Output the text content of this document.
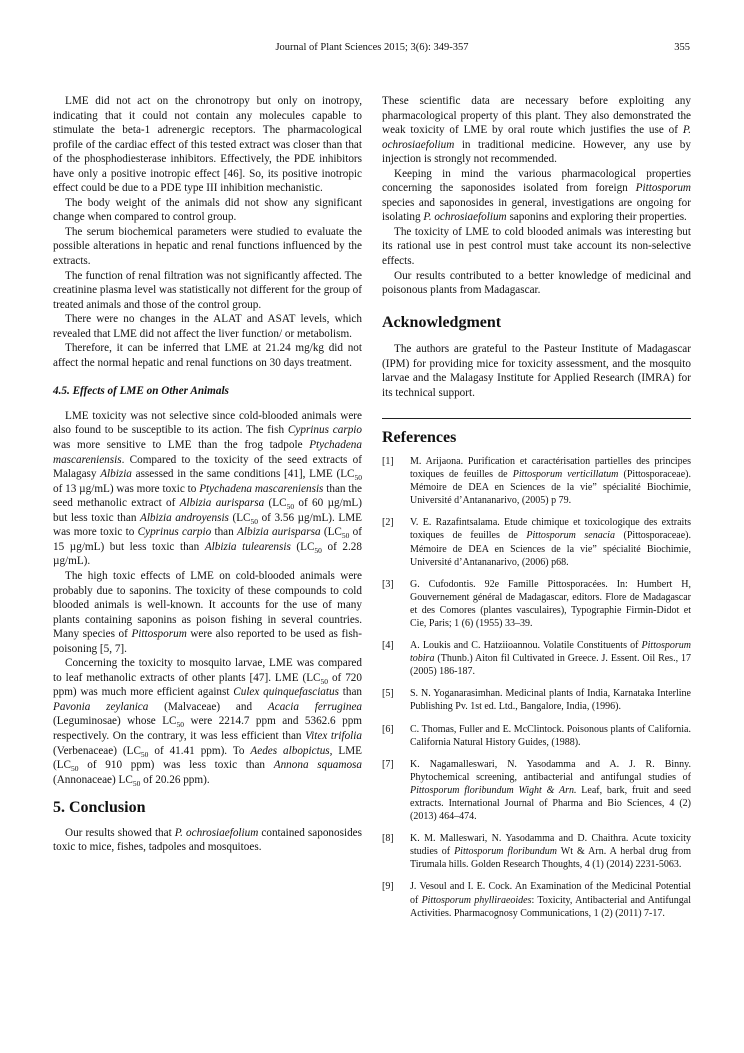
Journal of Plant Sciences 2015; 3(6): 349-357	355

LME did not act on the chronotropy but only on inotropy, indicating that it could not contain any molecules capable to stimulate the beta-1 adrenergic receptors. The pharmacological profile of the cardiac effect of this tested extract was closer than that of the phosphodiesterase inhibitors. Effectively, the PDE inhibitors have only a positive inotropic effect [46]. So, its positive inotropic effect could be due to a PDE type III inhibition mechanistic.

The body weight of the animals did not show any significant change when compared to control group.

The serum biochemical parameters were studied to evaluate the possible alterations in hepatic and renal functions influenced by the extracts.

The function of renal filtration was not significantly affected. The creatinine plasma level was statistically not different for the group of treated animals and those of the control group.

There were no changes in the ALAT and ASAT levels, which revealed that LME did not affect the liver function/ or metabolism.

Therefore, it can be inferred that LME at 21.24 mg/kg did not affect the normal hepatic and renal functions on 30 days treatment.

4.5. Effects of LME on Other Animals

LME toxicity was not selective since cold-blooded animals were also found to be susceptible to its action. The fish Cyprinus carpio was more sensitive to LME than the frog tadpole Ptychadena mascareniensis. Compared to the toxicity of the seed extracts of Malagasy Albizia assessed in the same conditions [41], LME ($LC_{50}$ of 13 µg/mL) was more toxic to Ptychadena mascareniensis than the seed methanolic extract of Albizia aurisparsa ($LC_{50}$ of 60 µg/mL) but less toxic than Albizia androyensis ($LC_{50}$ of 3.56 µg/mL). LME was more toxic to Cyprinus carpio than Albizia aurisparsa ($LC_{50}$ of 15 µg/mL) but less toxic than Albizia tulearensis ($LC_{50}$ of 2.28 µg/mL).

The high toxic effects of LME on cold-blooded animals were probably due to saponins. The toxicity of these compounds to cold blooded animals is well-known. It accounts for the use of many plants containing saponins as poison fishing in several countries. Many species of Pittosporum were also reported to be used as fish-poisoning [5, 7].

Concerning the toxicity to mosquito larvae, LME was compared to leaf methanolic extracts of other plants [47]. LME ($LC_{50}$ of 720 ppm) was much more efficient against Culex quinquefasciatus than Pavonia zeylanica (Malvaceae) and Acacia ferruginea (Leguminosae) whose $LC_{50}$ were 2214.7 ppm and 5362.6 ppm respectively. On the contrary, it was less efficient than Vitex trifolia (Verbenaceae) ($LC_{50}$ of 41.41 ppm). To Aedes albopictus, LME ($LC_{50}$ of 910 ppm) was less toxic than Annona squamosa (Annonaceae) $LC_{50}$ of 20.26 ppm).

5. Conclusion

Our results showed that P. ochrosiaefolium contained saponosides toxic to mice, fishes, tadpoles and mosquitoes.

These scientific data are necessary before exploiting any pharmacological property of this plant. They also demonstrated the weak toxicity of LME by oral route which justifies the use of P. ochrosiaefolium in traditional medicine. However, any use by injection is strongly not recommended.

Keeping in mind the various pharmacological properties concerning the saponosides isolated from foreign Pittosporum species and saponosides in general, investigations are ongoing for isolating P. ochrosiaefolium saponins and exploring their properties.

The toxicity of LME to cold blooded animals was interesting but its rational use in pest control must take account its non-selective effects.

Our results contributed to a better knowledge of medicinal and poisonous plants from Madagascar.

Acknowledgment

The authors are grateful to the Pasteur Institute of Madagascar (IPM) for providing mice for toxicity assessment, and the mosquito larvae and the Malagasy Institute for Applied Research (IMRA) for its technical support.

References
[1] M. Arijaona. Purification et caractérisation partielles des principes toxiques de feuilles de Pittosporum verticillatum (Pittosporaceae). Mémoire de DEA en Sciences de la vie” spécialité Biochimie, Université d’Antananarivo, (2005) p 79.
[2] V. E. Razafintsalama. Etude chimique et toxicologique des extraits toxiques de feuilles de Pittosporum senacia (Pittosporaceae). Mémoire de DEA en Sciences de la vie” spécialité Biochimie, Université d’Antananarivo, (2006) p68.
[3] G. Cufodontis. 92e Famille Pittosporacées. In: Humbert H, Gouvernement général de Madagascar, editors. Flore de Madagascar et des Comores (plantes vasculaires), Typographie Firmin-Didot et Cie, Paris; 1 (6) (1955) 33–39.
[4] A. Loukis and C. Hatziioannou. Volatile Constituents of Pittosporum tobira (Thunb.) Aiton fil Cultivated in Greece. J. Essent. Oil Res., 17 (2005) 186-187.
[5] S. N. Yoganarasimhan. Medicinal plants of India, Karnataka Interline Publishing Pv. 1st ed. Ltd., Bangalore, India, (1996).
[6] C. Thomas, Fuller and E. McClintock. Poisonous plants of California. California Natural History Guides, (1988).
[7] K. Nagamalleswari, N. Yasodamma and A. J. R. Binny. Phytochemical screening, antibacterial and antifungal studies of Pittosporum floribundum Wight & Arn. Leaf, bark, fruit and seed extracts. International Journal of Pharma and Bio Sciences, 4 (2) (2013) 464–474.
[8] K. M. Malleswari, N. Yasodamma and D. Chaithra. Acute toxicity studies of Pittosporum floribundum Wt & Arn. A herbal drug from Tirumala hills. Golden Research Thoughts, 4 (1) (2014) 2231-5063.
[9] J. Vesoul and I. E. Cock. An Examination of the Medicinal Potential of Pittosporum phylliraeoides: Toxicity, Antibacterial and Antifungal Activities. Pharmacognosy Communications, 1 (2) (2011) 7-17.
